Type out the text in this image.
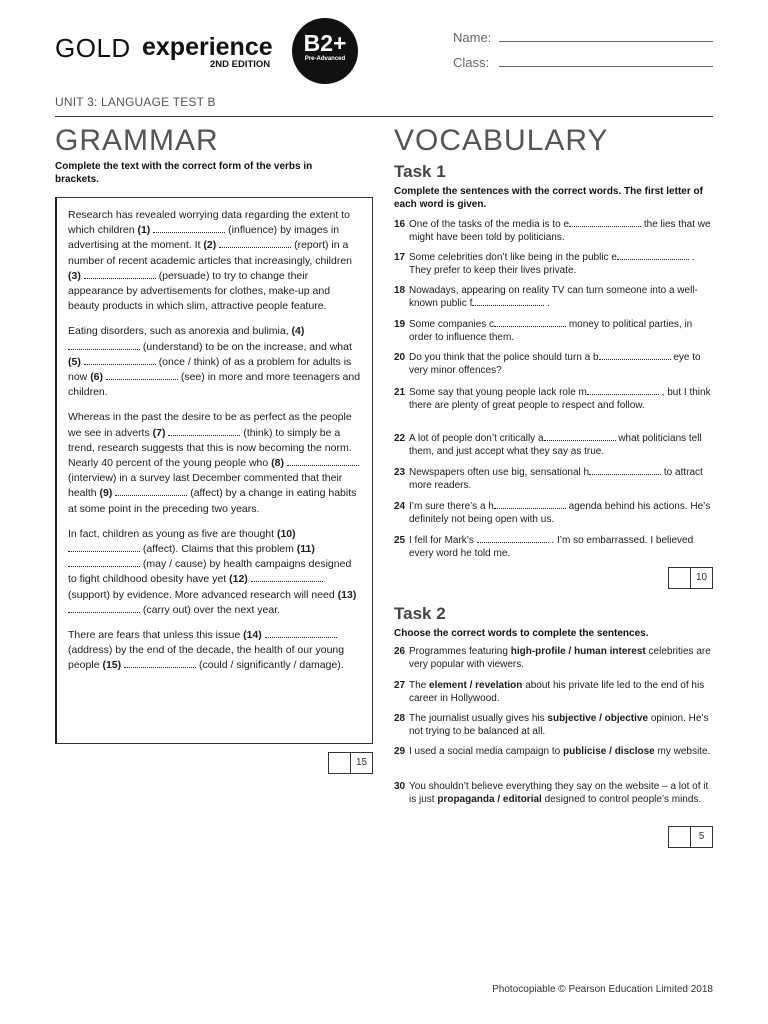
GOLD experience
2ND EDITION
B2+
Pre-Advanced
Name:
Class:
UNIT 3: LANGUAGE TEST B
GRAMMAR
Complete the text with the correct form of the verbs in brackets.

Research has revealed worrying data regarding the extent to which children (1)	(influence) by images in advertising at the moment. It (2)	(report) in a number of recent academic articles that increasingly, children (3)	(persuade) to try to change their appearance by advertisements for clothes, make-up and beauty products in which slim, attractive people feature.

Eating disorders, such as anorexia and bulimia, (4)  (understand) to be on the increase, and what (5)	(once / think) of as a problem for adults is now (6)	(see) in more and more teenagers and children.

Whereas in the past the desire to be as perfect as the people we see in adverts (7)	(think) to simply be a trend, research suggests that this is now becoming the norm. Nearly 40 percent of the young people who (8)  (interview) in a survey last December commented that their health (9)	(affect) by a change in eating habits at some point in the preceding two years.

In fact, children as young as five are thought (10)  (affect). Claims that this problem (11)  (may / cause) by health campaigns designed to fight childhood obesity have yet (12)  (support) by evidence. More advanced research will need (13)  (carry out) over the next year.

There are fears that unless this issue (14)  (address) by the end of the decade, the health of our young people (15)	(could / significantly / damage).

15
VOCABULARY
Task 1
Complete the sentences with the correct words. The first letter of each word is given.
16 One of the tasks of the media is to e	the lies that we might have been told by politicians.
17 Some celebrities don’t like being in the public e	. They prefer to keep their lives private.
18 Nowadays, appearing on reality TV can turn someone into a well-known public f	.
19 Some companies c	money to political parties, in order to influence them.
20 Do you think that the police should turn a b	eye to very minor offences?
21 Some say that young people lack role m	, but I think there are plenty of great people to respect and follow.
22 A lot of people don’t critically a	what politicians tell them, and just accept what they say as true.
23 Newspapers often use big, sensational h	to attract more readers.
24 I’m sure there’s a h	agenda behind his actions. He’s definitely not being open with us.
25 I fell for Mark’s	. I’m so embarrassed. I believed every word he told me.
10
Task 2
Choose the correct words to complete the sentences.
26 Programmes featuring high-profile / human interest celebrities are very popular with viewers.
27 The element / revelation about his private life led to the end of his career in Hollywood.
28 The journalist usually gives his subjective / objective opinion. He’s not trying to be balanced at all.
29 I used a social media campaign to publicise / disclose my website.
30 You shouldn’t believe everything they say on the website – a lot of it is just propaganda / editorial designed to control people’s minds.
5
Photocopiable © Pearson Education Limited 2018
